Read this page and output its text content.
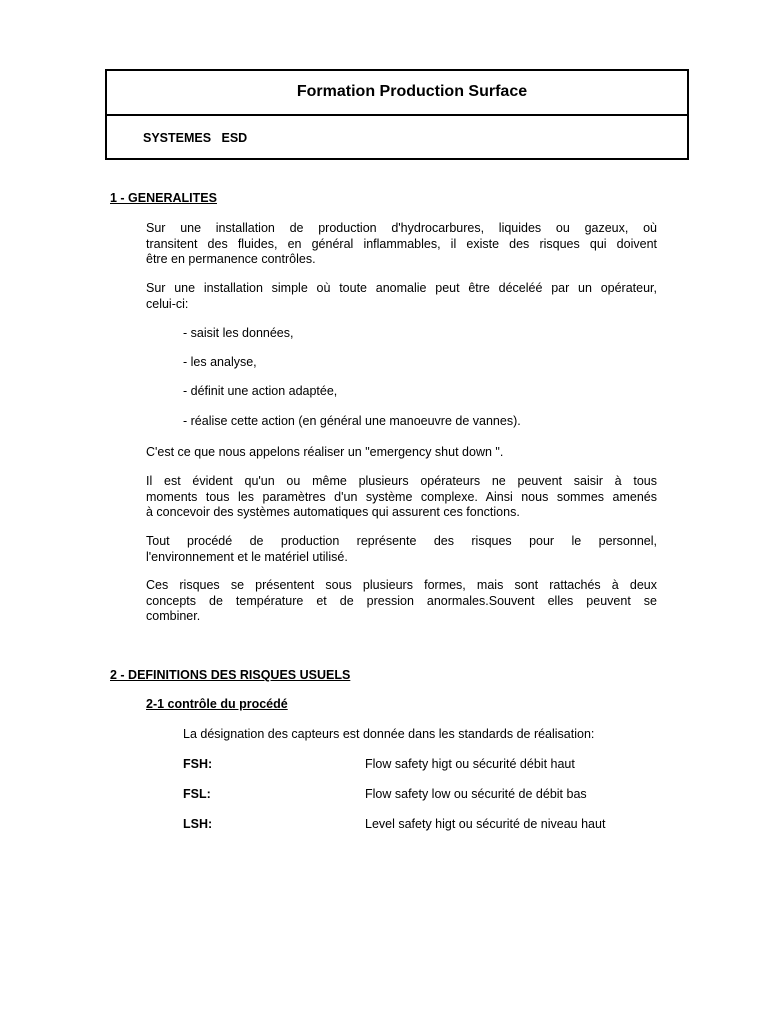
Formation Production Surface
SYSTEMES   ESD
1 - GENERALITES
Sur une installation de production d'hydrocarbures, liquides ou gazeux, où
transitent des fluides, en général inflammables, il existe des risques qui doivent
être en permanence contrôles.
Sur une installation simple où toute anomalie peut être déceléé par un opérateur,
celui-ci:
- saisit les données,
- les analyse,
- définit une action adaptée,
- réalise cette action (en général une manoeuvre de vannes).
C'est ce que nous appelons réaliser un "emergency shut down ".
Il est évident qu'un ou même plusieurs opérateurs ne peuvent saisir à tous
moments tous les paramètres d'un système complexe. Ainsi nous sommes amenés
à concevoir des systèmes automatiques qui assurent ces fonctions.
Tout procédé de production représente des risques pour le personnel,
l'environnement et le matériel utilisé.
Ces risques se présentent sous plusieurs formes, mais sont rattachés à deux
concepts de température et de pression anormales.Souvent elles peuvent se
combiner.
2 - DEFINITIONS DES RISQUES USUELS
2-1 contrôle du procédé
La désignation des capteurs est donnée dans les standards de réalisation:
FSH:	Flow safety higt ou sécurité débit haut
FSL:	Flow safety low ou sécurité de débit bas
LSH:	Level safety higt ou sécurité de niveau haut
